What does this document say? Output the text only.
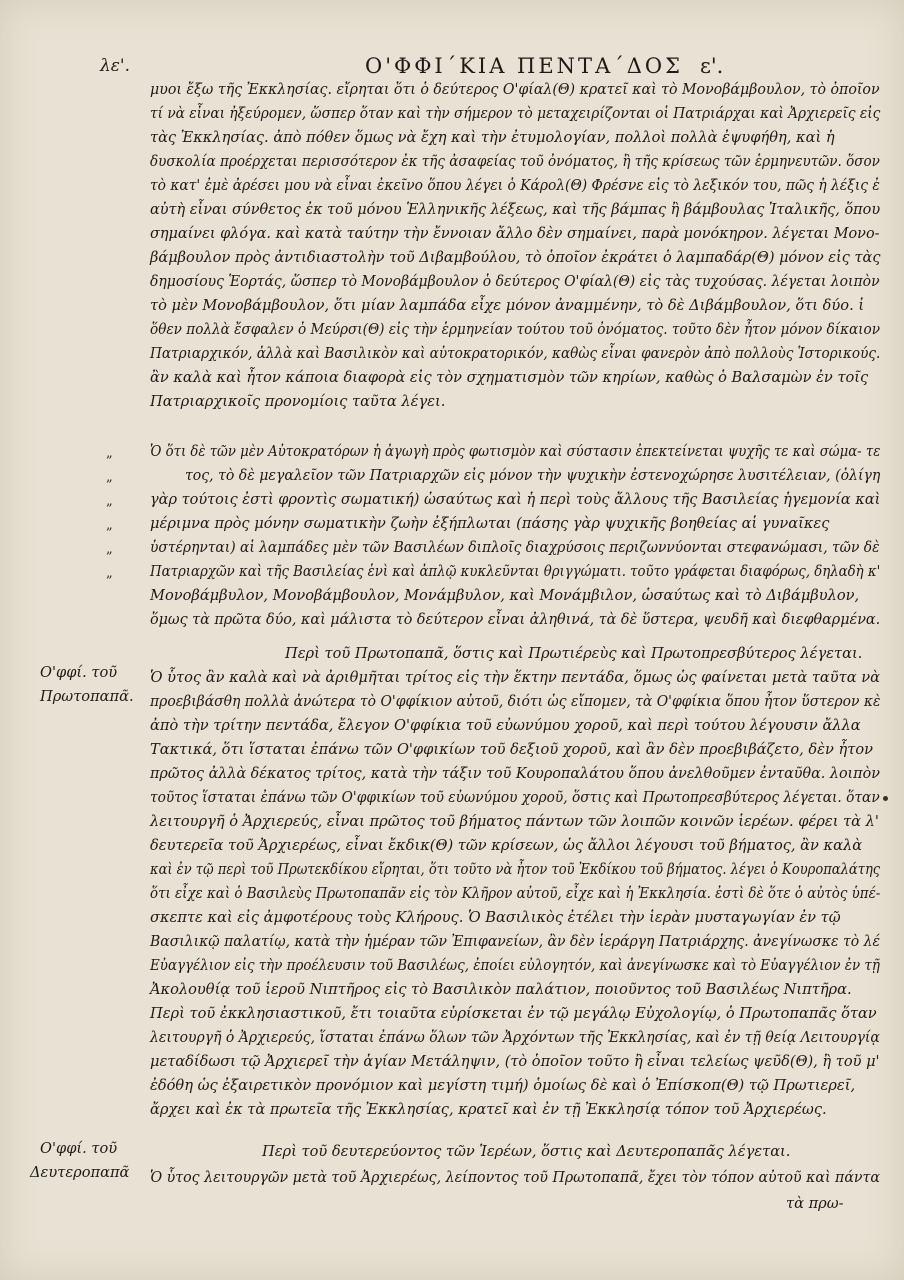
λε'.	Ο'ΦΦΙ΄ΚΙΑ ΠΕΝΤΑ΄ΔΟΣ ε'.
μυοι ἔξω τῆς Ἐκκλησίας. εἴρηται ὅτι ὁ δεύτερος Ο'φίαλ(Θ) κρατεῖ καὶ τὸ Μονοβάμβουλον, τὸ ὁποῖον
τί νὰ εἶναι ἠξεύρομεν, ὥσπερ ὅταν καὶ τὴν σήμερον τὸ μεταχειρίζονται οἱ Πατριάρχαι καὶ Ἀρχιερεῖς εἰς
τὰς Ἐκκλησίας. ἀπὸ πόθεν ὅμως νὰ ἔχη καὶ τὴν ἐτυμολογίαν, πολλοὶ πολλὰ ἐψυφήθη, καὶ ἡ
δυσκολία προέρχεται περισσότερον ἐκ τῆς ἀσαφείας τοῦ ὀνόματος, ἢ τῆς κρίσεως τῶν ἑρμηνευτῶν. ὅσον
τὸ κατ' ἐμὲ ἀρέσει μου νὰ εἶναι ἐκεῖνο ὅπου λέγει ὁ Κάρολ(Θ) Φρέσνε εἰς τὸ λεξικόν του, πῶς ἡ λέξις ἐ
αὐτὴ εἶναι σύνθετος ἐκ τοῦ μόνου Ἑλληνικῆς λέξεως, καὶ τῆς βάμπας ἢ βάμβουλας Ἰταλικῆς, ὅπου
σημαίνει φλόγα. καὶ κατὰ ταύτην τὴν ἔννοιαν ἄλλο δὲν σημαίνει, παρὰ μονόκηρον. λέγεται Μονο-
βάμβουλον πρὸς ἀντιδιαστολὴν τοῦ Διβαμβούλου, τὸ ὁποῖον ἐκράτει ὁ λαμπαδάρ(Θ) μόνον εἰς τὰς
δημοσίους Ἑορτάς, ὥσπερ τὸ Μονοβάμβουλον ὁ δεύτερος Ο'φίαλ(Θ) εἰς τὰς τυχούσας. λέγεται λοιπὸν
τὸ μὲν Μονοβάμβουλον, ὅτι μίαν λαμπάδα εἶχε μόνον ἀναμμένην, τὸ δὲ Διβάμβουλον, ὅτι δύο. ἰ
ὅθεν πολλὰ ἔσφαλεν ὁ Μεύρσι(Θ) εἰς τὴν ἑρμηνείαν τούτου τοῦ ὀνόματος. τοῦτο δὲν ἦτον μόνον δίκαιον
Πατριαρχικόν, ἀλλὰ καὶ Βασιλικὸν καὶ αὐτοκρατορικόν, καθὼς εἶναι φανερὸν ἀπὸ πολλοὺς Ἱστορικούς.
ἂν καλὰ καὶ ἦτον κάποια διαφορὰ εἰς τὸν σχηματισμὸν τῶν κηρίων, καθὼς ὁ Βαλσαμὼν ἐν τοῖς
Πατριαρχικοῖς προνομίοις ταῦτα λέγει.
„
„
„
„
„
„
Ὁ ὅτι δὲ τῶν μὲν Αὐτοκρατόρων ἡ ἀγωγὴ πρὸς φωτισμὸν καὶ σύστασιν ἐπεκτείνεται ψυχῆς τε καὶ σώμα- τε
τος, τὸ δὲ μεγαλεῖον τῶν Πατριαρχῶν εἰς μόνον τὴν ψυχικὴν ἐστενοχώρησε λυσιτέλειαν, (ὀλίγη
γὰρ τούτοις ἐστὶ φροντὶς σωματική) ὡσαύτως καὶ ἡ περὶ τοὺς ἄλλους τῆς Βασιλείας ἡγεμονία καὶ
μέριμνα πρὸς μόνην σωματικὴν ζωὴν ἐξήπλωται (πάσης γὰρ ψυχικῆς βοηθείας αἱ γυναῖκες
ὑστέρηνται) αἱ λαμπάδες μὲν τῶν Βασιλέων διπλοῖς διαχρύσοις περιζωννύονται στεφανώμασι, τῶν δὲ
Πατριαρχῶν καὶ τῆς Βασιλείας ἑνὶ καὶ ἀπλῷ κυκλεῦνται θριγγώματι. τοῦτο γράφεται διαφόρως, δηλαδὴ κ'
Μονοβάμβυλον, Μονοβάμβουλον, Μονάμβυλον, καὶ Μονάμβιλον, ὡσαύτως καὶ τὸ Διβάμβυλον,
ὅμως τὰ πρῶτα δύο, καὶ μάλιστα τὸ δεύτερον εἶναι ἀληθινά, τὰ δὲ ὕστερα, ψευδῆ καὶ διεφθαρμένα.
Περὶ τοῦ Πρωτοπαπᾶ, ὅστις καὶ Πρωτιέρεὺς καὶ Πρωτοπρεσβύτερος λέγεται.
Ο'φφί. τοῦ
Πρωτοπαπᾶ.
Ὁ ὗτος ἂν καλὰ καὶ νὰ ἀριθμῆται τρίτος εἰς τὴν ἕκτην πεντάδα, ὅμως ὡς φαίνεται μετὰ ταῦτα νὰ
προεβιβάσθη πολλὰ ἀνώτερα τὸ Ο'φφίκιον αὐτοῦ, διότι ὡς εἴπομεν, τὰ Ο'φφίκια ὅπου ἦτον ὕστερον κὲ
ἀπὸ τὴν τρίτην πεντάδα, ἔλεγον Ο'φφίκια τοῦ εὐωνύμου χοροῦ, καὶ περὶ τούτου λέγουσιν ἄλλα
Τακτικά, ὅτι ἵσταται ἐπάνω τῶν Ο'φφικίων τοῦ δεξιοῦ χοροῦ, καὶ ἂν δὲν προεβιβάζετο, δὲν ἦτον
πρῶτος ἀλλὰ δέκατος τρίτος, κατὰ τὴν τάξιν τοῦ Κουροπαλάτου ὅπου ἀνελθοῦμεν ἐνταῦθα. λοιπὸν
τοῦτος ἵσταται ἐπάνω τῶν Ο'φφικίων τοῦ εὐωνύμου χοροῦ, ὅστις καὶ Πρωτοπρεσβύτερος λέγεται. ὅταν
λειτουργῆ ὁ Ἀρχιερεύς, εἶναι πρῶτος τοῦ βήματος πάντων τῶν λοιπῶν κοινῶν ἱερέων. φέρει τὰ λ'
δευτερεῖα τοῦ Ἀρχιερέως, εἶναι ἔκδικ(Θ) τῶν κρίσεων, ὡς ἄλλοι λέγουσι τοῦ βήματος, ἂν καλὰ
καὶ ἐν τῷ περὶ τοῦ Πρωτεκδίκου εἴρηται, ὅτι τοῦτο νὰ ἦτον τοῦ Ἐκδίκου τοῦ βήματος. λέγει ὁ Κουροπαλάτης
ὅτι εἶχε καὶ ὁ Βασιλεὺς Πρωτοπαπᾶν εἰς τὸν Κλῆρον αὐτοῦ, εἶχε καὶ ἡ Ἐκκλησία. ἐστὶ δὲ ὅτε ὁ αὐτὸς ὑπέ-
σκεπτε καὶ εἰς ἀμφοτέρους τοὺς Κλήρους. Ὁ Βασιλικὸς ἐτέλει τὴν ἱερὰν μυσταγωγίαν ἐν τῷ
Βασιλικῷ παλατίῳ, κατὰ τὴν ἡμέραν τῶν Ἐπιφανείων, ἂν δὲν ἱεράργη Πατριάρχης. ἀνεγίνωσκε τὸ λέ
Εὐαγγέλιον εἰς τὴν προέλευσιν τοῦ Βασιλέως, ἐποίει εὐλογητόν, καὶ ἀνεγίνωσκε καὶ τὸ Εὐαγγέλιον ἐν τῇ
Ἀκολουθίᾳ τοῦ ἱεροῦ Νιπτῆρος εἰς τὸ Βασιλικὸν παλάτιον, ποιοῦντος τοῦ Βασιλέως Νιπτῆρα.
Περὶ τοῦ ἐκκλησιαστικοῦ, ἔτι τοιαῦτα εὑρίσκεται ἐν τῷ μεγάλῳ Εὐχολογίῳ, ὁ Πρωτοπαπᾶς ὅταν
λειτουργῆ ὁ Ἀρχιερεύς, ἵσταται ἐπάνω ὅλων τῶν Ἀρχόντων τῆς Ἐκκλησίας, καὶ ἐν τῇ θείᾳ Λειτουργίᾳ
μεταδίδωσι τῷ Ἀρχιερεῖ τὴν ἁγίαν Μετάληψιν, (τὸ ὁποῖον τοῦτο ἢ εἶναι τελείως ψεῦδ(Θ), ἢ τοῦ μ'
ἐδόθη ὡς ἐξαιρετικὸν προνόμιον καὶ μεγίστη τιμή) ὁμοίως δὲ καὶ ὁ Ἐπίσκοπ(Θ) τῷ Πρωτιερεῖ,
ἄρχει καὶ ἐκ τὰ πρωτεῖα τῆς Ἐκκλησίας, κρατεῖ καὶ ἐν τῇ Ἐκκλησίᾳ τόπον τοῦ Ἀρχιερέως.
Περὶ τοῦ δευτερεύοντος τῶν Ἱερέων, ὅστις καὶ Δευτεροπαπᾶς λέγεται.
Ο'φφί. τοῦ
Δευτεροπαπᾶ Ὁ ὗτος λειτουργῶν μετὰ τοῦ Ἀρχιερέως, λείποντος τοῦ Πρωτοπαπᾶ, ἔχει τὸν τόπον αὐτοῦ καὶ πάντα
τὰ πρω-
